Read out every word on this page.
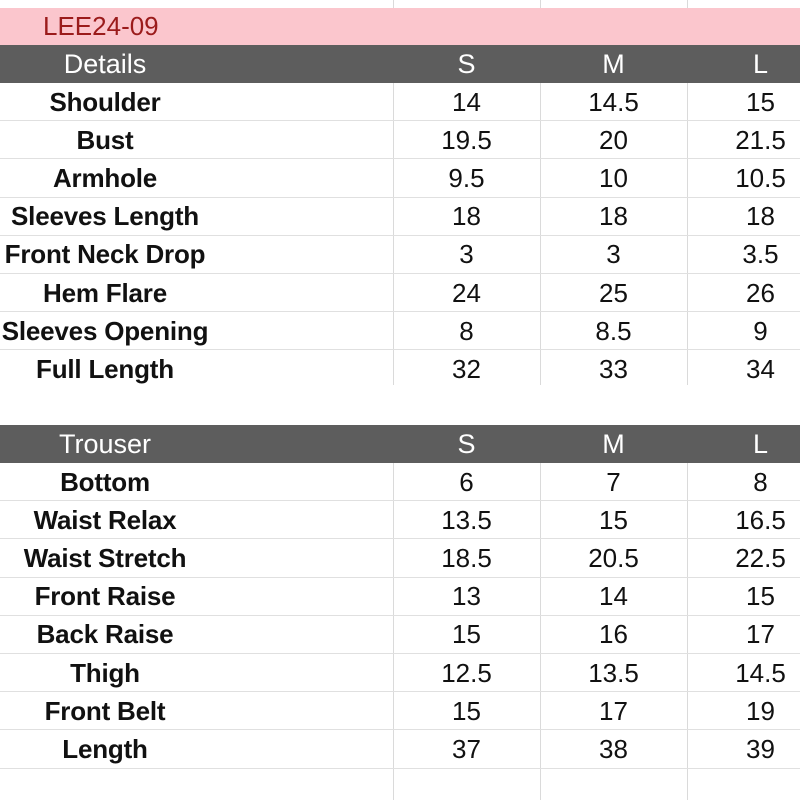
LEE24-09
Details	S	M	L
Shoulder	14	14.5	15
Bust	19.5	20	21.5
Armhole	9.5	10	10.5
Sleeves Length	18	18	18
Front Neck Drop	3	3	3.5
Hem Flare	24	25	26
Sleeves Opening	8	8.5	9
Full Length	32	33	34
Trouser	S	M	L
Bottom	6	7	8
Waist Relax	13.5	15	16.5
Waist Stretch	18.5	20.5	22.5
Front Raise	13	14	15
Back Raise	15	16	17
Thigh	12.5	13.5	14.5
Front Belt	15	17	19
Length	37	38	39
